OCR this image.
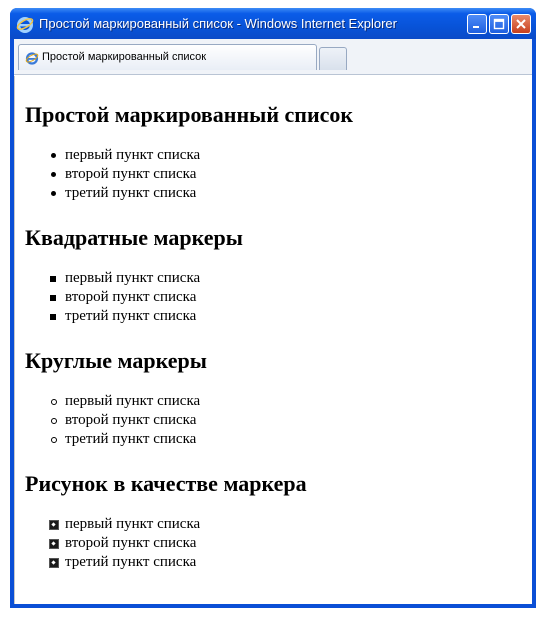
Простой маркированный список - Windows Internet Explorer
Простой маркированный список
Простой маркированный список
первый пункт списка
второй пункт списка
третий пункт списка
Квадратные маркеры
первый пункт списка
второй пункт списка
третий пункт списка
Круглые маркеры
первый пункт списка
второй пункт списка
третий пункт списка
Рисунок в качестве маркера
первый пункт списка
второй пункт списка
третий пункт списка
